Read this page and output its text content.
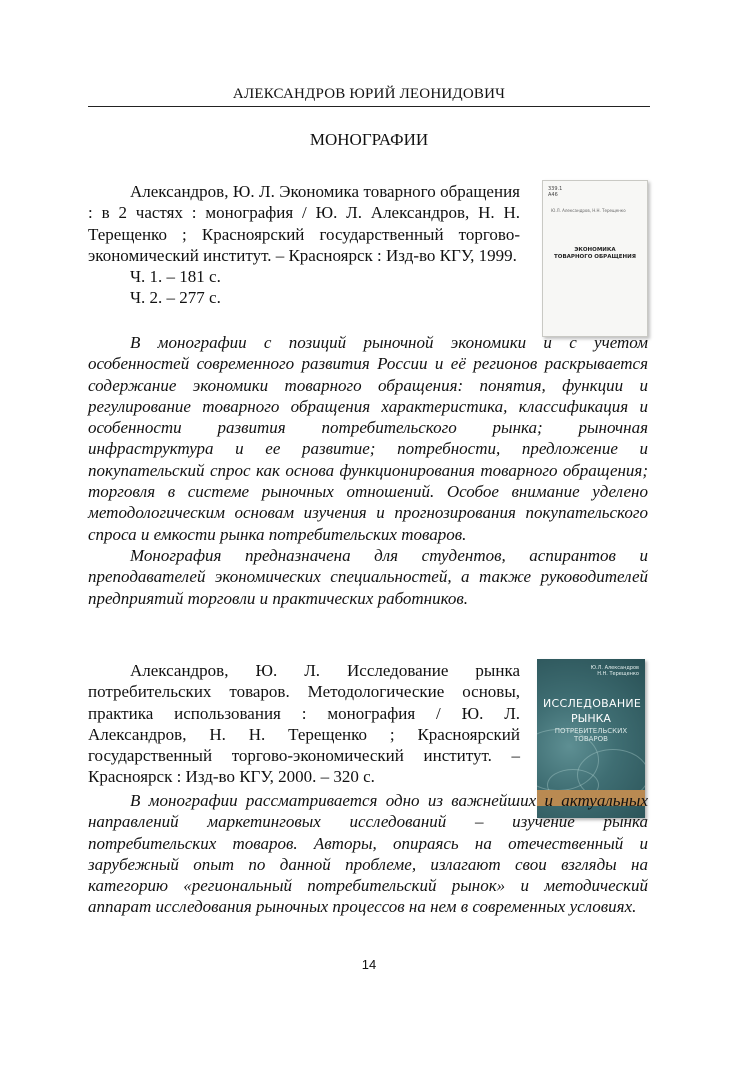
АЛЕКСАНДРОВ ЮРИЙ ЛЕОНИДОВИЧ
МОНОГРАФИИ

Александров, Ю. Л. Экономика товарного обращения : в 2 частях : монография / Ю. Л. Александров, Н. Н. Терещенко ; Красноярский государственный торгово-экономический институт. – Красноярск : Изд-во КГУ, 1999.

Ч. 1. – 181 с.

Ч. 2. – 277 с.

339.1
А46
Ю.Л. Александров, Н.Н. Терещенко
ЭКОНОМИКА
ТОВАРНОГО ОБРАЩЕНИЯ

В монографии с позиций рыночной экономики и с учетом особенностей современного развития России и её регионов раскрывается содержание экономики товарного обращения: понятия, функции и регулирование товарного обращения характеристика, классификация и особенности развития потребительского рынка; рыночная инфраструктура и ее развитие; потребности, предложение и покупательский спрос как основа функционирования товарного обращения; торговля в системе рыночных отношений. Особое внимание уделено методологическим основам изучения и прогнозирования покупательского спроса и емкости рынка потребительских товаров.

Монография предназначена для студентов, аспирантов и преподавателей экономических специальностей, а также руководителей предприятий торговли и практических работников.

Александров, Ю. Л. Исследование рынка потребительских товаров. Методологические основы, практика использования : монография / Ю. Л. Александров, Н. Н. Терещенко ; Красноярский государственный торгово-экономический институт. – Красноярск : Изд-во КГУ, 2000. – 320 с.

Ю.Л. Александров
Н.Н. Терещенко
ИССЛЕДОВАНИЕ
РЫНКА
ПОТРЕБИТЕЛЬСКИХ
ТОВАРОВ

В монографии рассматривается одно из важнейших и актуальных направлений маркетинговых исследований – изучение рынка потребительских товаров. Авторы, опираясь на отечественный и зарубежный опыт по данной проблеме, излагают свои взгляды на категорию «региональный потребительский рынок» и методический аппарат исследования рыночных процессов на нем в современных условиях.

14
